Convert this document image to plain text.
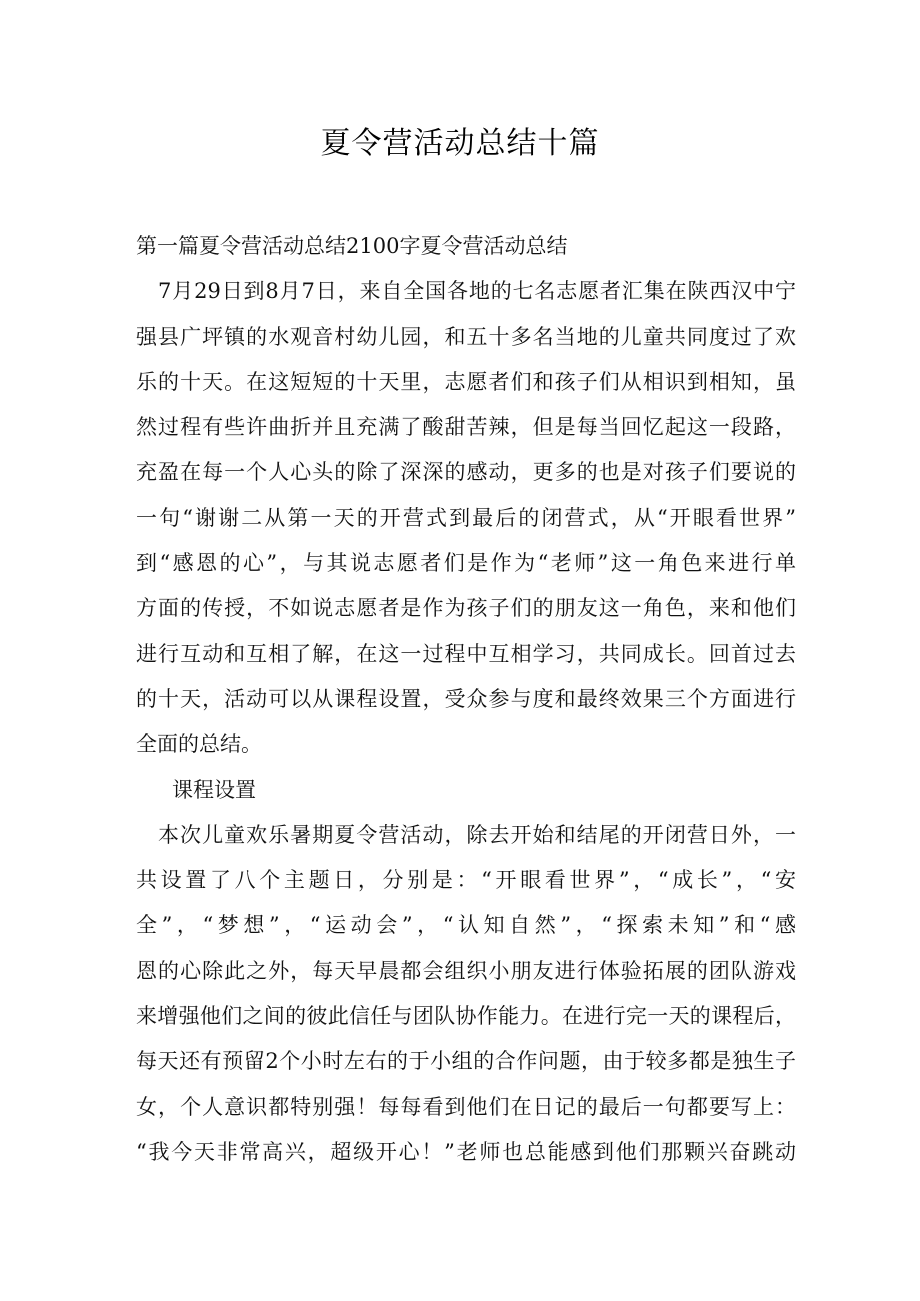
夏令营活动总结十篇
第一篇夏令营活动总结2100字夏令营活动总结
7月29日到8月7日，来自全国各地的七名志愿者汇集在陕西汉中宁
强县广坪镇的水观音村幼儿园，和五十多名当地的儿童共同度过了欢
乐的十天。在这短短的十天里，志愿者们和孩子们从相识到相知，虽
然过程有些许曲折并且充满了酸甜苦辣，但是每当回忆起这一段路，
充盈在每一个人心头的除了深深的感动，更多的也是对孩子们要说的
一句“谢谢二从第一天的开营式到最后的闭营式，从“开眼看世界”
到“感恩的心”，与其说志愿者们是作为“老师”这一角色来进行单
方面的传授，不如说志愿者是作为孩子们的朋友这一角色，来和他们
进行互动和互相了解，在这一过程中互相学习，共同成长。回首过去
的十天，活动可以从课程设置，受众参与度和最终效果三个方面进行
全面的总结。
课程设置
本次儿童欢乐暑期夏令营活动，除去开始和结尾的开闭营日外，一
共设置了八个主题日，分别是：“开眼看世界”，“成长”，“安
全”，“梦想”，“运动会”，“认知自然”，“探索未知”和“感
恩的心除此之外，每天早晨都会组织小朋友进行体验拓展的团队游戏
来增强他们之间的彼此信任与团队协作能力。在进行完一天的课程后，
每天还有预留2个小时左右的于小组的合作问题，由于较多都是独生子
女，个人意识都特别强！每每看到他们在日记的最后一句都要写上：
“我今天非常高兴，超级开心！”老师也总能感到他们那颗兴奋跳动
